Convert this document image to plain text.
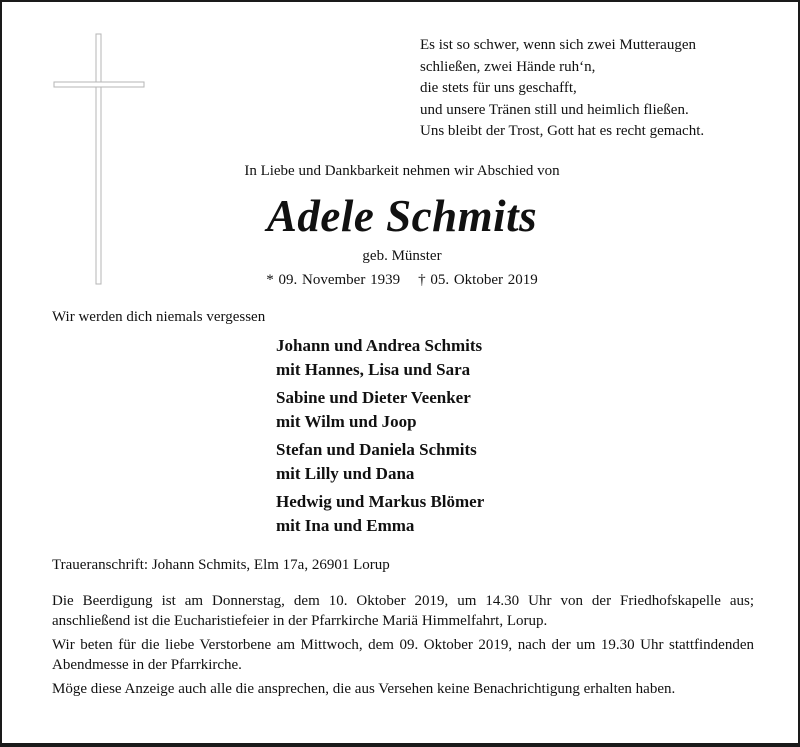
Es ist so schwer, wenn sich zwei Mutteraugen
schließen, zwei Hände ruh‘n,
die stets für uns geschafft,
und unsere Tränen still und heimlich fließen.
Uns bleibt der Trost, Gott hat es recht gemacht.
In Liebe und Dankbarkeit nehmen wir Abschied von
Adele Schmits
geb. Münster
* 09. November 1939 † 05. Oktober 2019
Wir werden dich niemals vergessen
Johann und Andrea Schmits
mit Hannes, Lisa und Sara
Sabine und Dieter Veenker
mit Wilm und Joop
Stefan und Daniela Schmits
mit Lilly und Dana
Hedwig und Markus Blömer
mit Ina und Emma
Traueranschrift: Johann Schmits, Elm 17a, 26901 Lorup

Die Beerdigung ist am Donnerstag, dem 10. Oktober 2019, um 14.30 Uhr von der Friedhofskapelle aus; anschließend ist die Eucharistiefeier in der Pfarrkirche Mariä Himmelfahrt, Lorup.

Wir beten für die liebe Verstorbene am Mittwoch, dem 09. Oktober 2019, nach der um 19.30 Uhr stattfindenden Abendmesse in der Pfarrkirche.

Möge diese Anzeige auch alle die ansprechen, die aus Versehen keine Benachrichtigung erhalten haben.
